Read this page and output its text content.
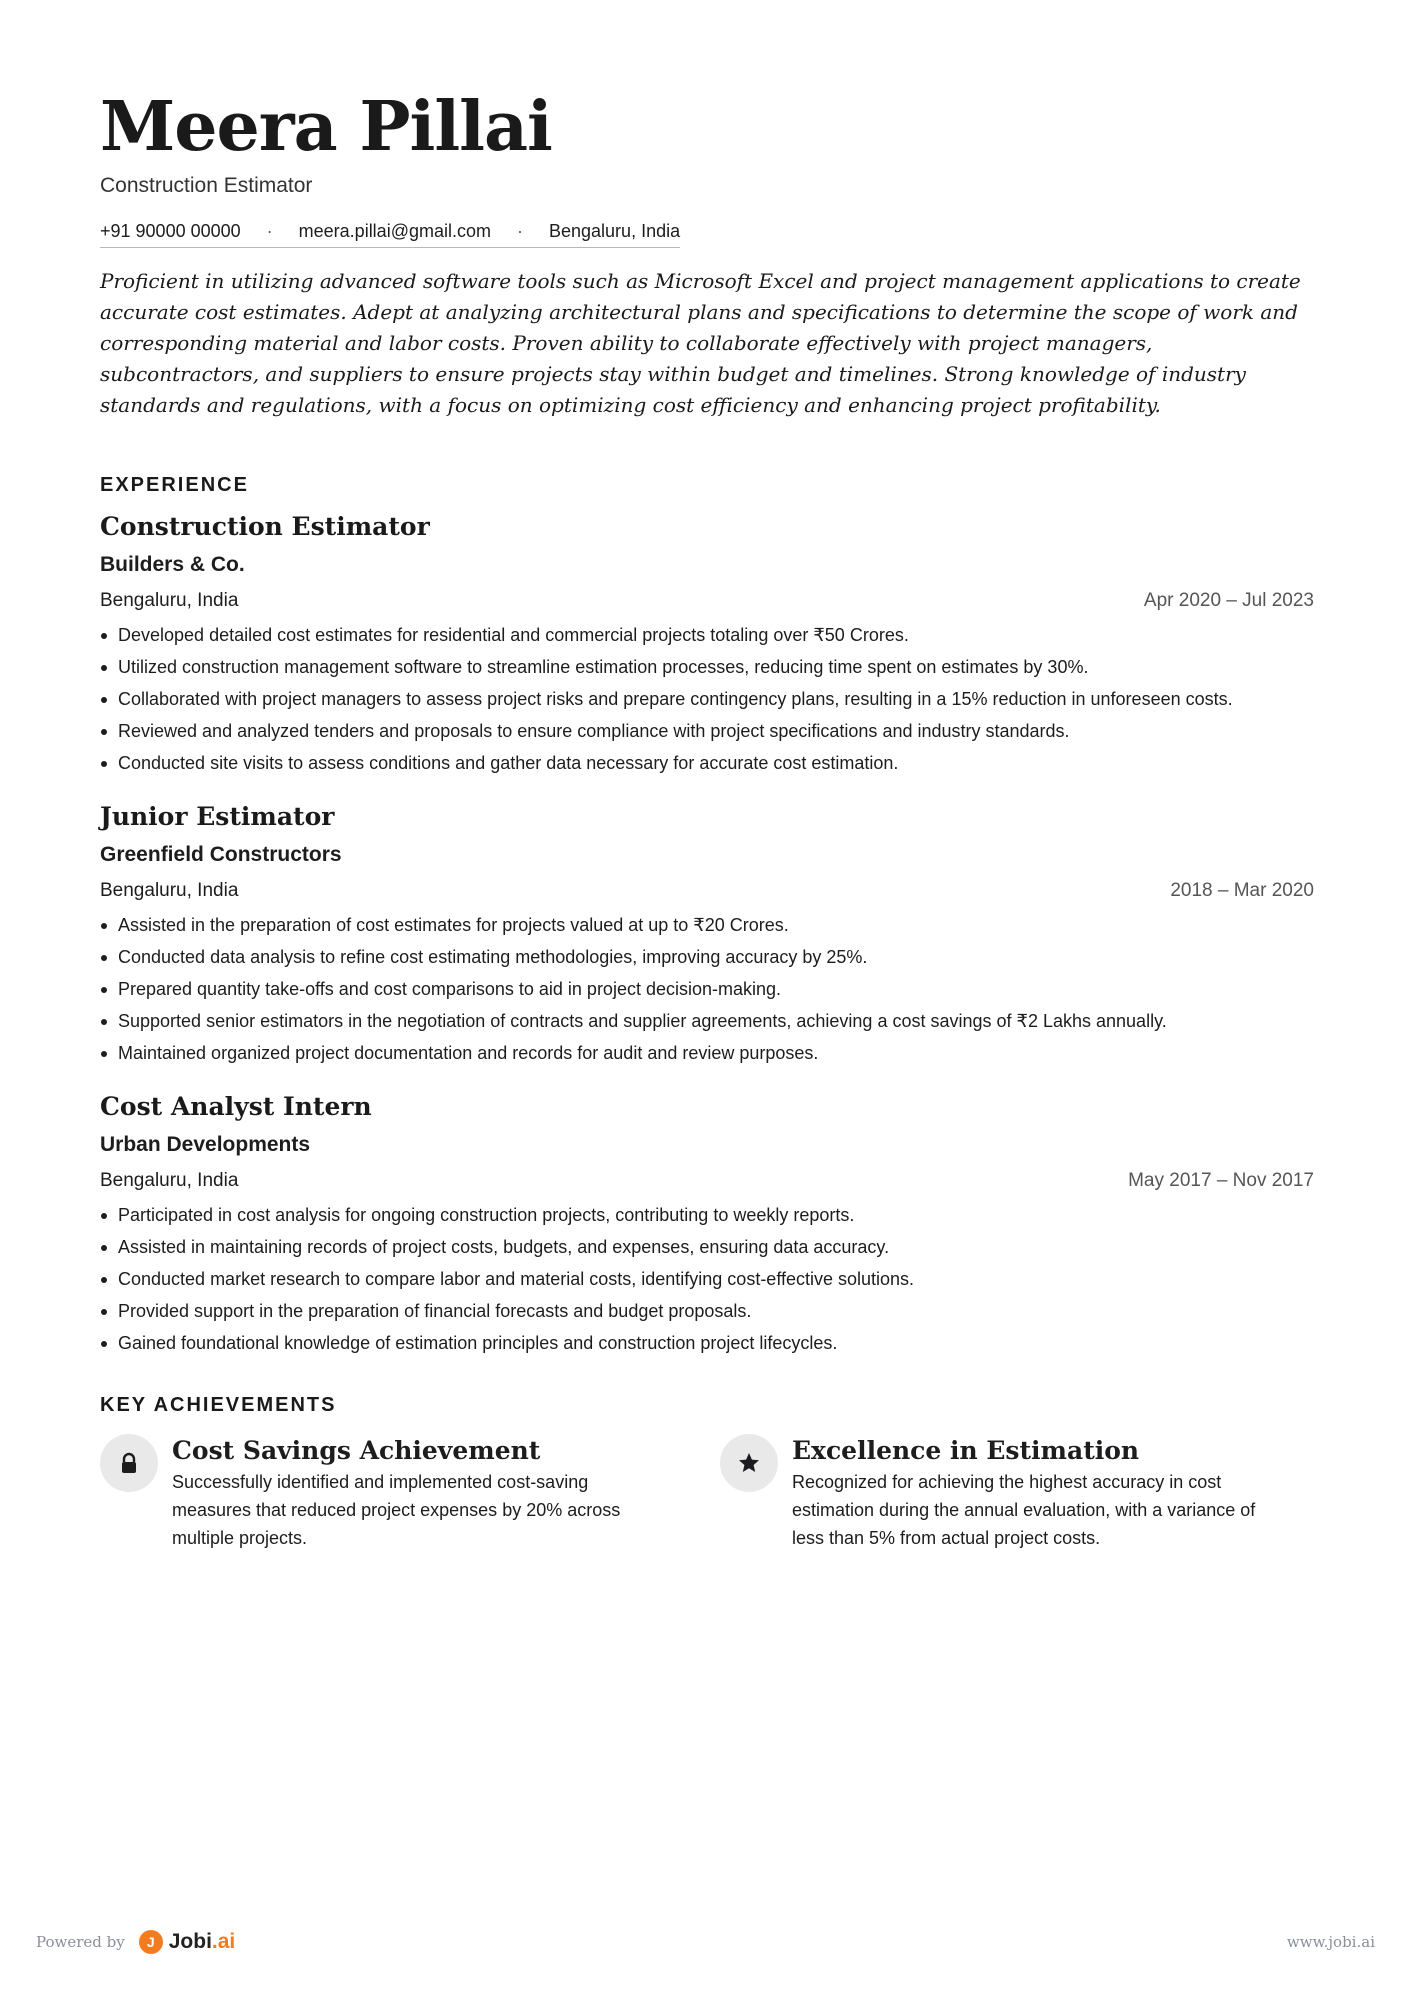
Meera Pillai
Construction Estimator
+91 90000 00000 · meera.pillai@gmail.com · Bengaluru, India

Proficient in utilizing advanced software tools such as Microsoft Excel and project management applications to create accurate cost estimates. Adept at analyzing architectural plans and specifications to determine the scope of work and corresponding material and labor costs. Proven ability to collaborate effectively with project managers, subcontractors, and suppliers to ensure projects stay within budget and timelines. Strong knowledge of industry standards and regulations, with a focus on optimizing cost efficiency and enhancing project profitability.

EXPERIENCE
Construction Estimator
Builders & Co.
Bengaluru, India	Apr 2020 – Jul 2023
Developed detailed cost estimates for residential and commercial projects totaling over ₹50 Crores.
Utilized construction management software to streamline estimation processes, reducing time spent on estimates by 30%.
Collaborated with project managers to assess project risks and prepare contingency plans, resulting in a 15% reduction in unforeseen costs.
Reviewed and analyzed tenders and proposals to ensure compliance with project specifications and industry standards.
Conducted site visits to assess conditions and gather data necessary for accurate cost estimation.
Junior Estimator
Greenfield Constructors
Bengaluru, India	2018 – Mar 2020
Assisted in the preparation of cost estimates for projects valued at up to ₹20 Crores.
Conducted data analysis to refine cost estimating methodologies, improving accuracy by 25%.
Prepared quantity take-offs and cost comparisons to aid in project decision-making.
Supported senior estimators in the negotiation of contracts and supplier agreements, achieving a cost savings of ₹2 Lakhs annually.
Maintained organized project documentation and records for audit and review purposes.
Cost Analyst Intern
Urban Developments
Bengaluru, India	May 2017 – Nov 2017
Participated in cost analysis for ongoing construction projects, contributing to weekly reports.
Assisted in maintaining records of project costs, budgets, and expenses, ensuring data accuracy.
Conducted market research to compare labor and material costs, identifying cost-effective solutions.
Provided support in the preparation of financial forecasts and budget proposals.
Gained foundational knowledge of estimation principles and construction project lifecycles.
KEY ACHIEVEMENTS
Cost Savings Achievement

Successfully identified and implemented cost-saving measures that reduced project expenses by 20% across multiple projects.

Excellence in Estimation

Recognized for achieving the highest accuracy in cost estimation during the annual evaluation, with a variance of less than 5% from actual project costs.

Powered by	J Jobi.ai	www.jobi.ai
